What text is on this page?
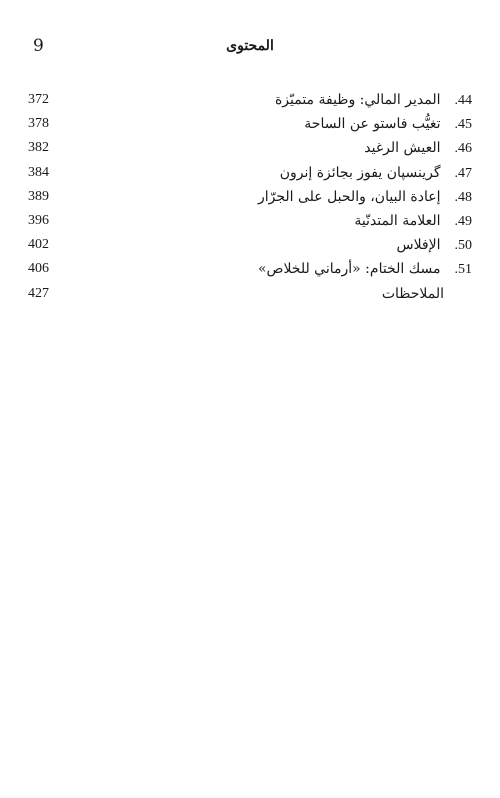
9	المحتوى
372	44.المدير المالي: وظيفة متميّزة
378	45.تغيُّب فاستو عن الساحة
382	46.العيش الرغيد
384	47.گرينسپان يفوز بجائزة إنرون
389	48.إعادة البيان، والحبل على الجرّار
396	49.العلامة المتدنّية
402	50.الإفلاس
406	51.مسك الختام: «أرماني للخلاص»
427	الملاحظات
